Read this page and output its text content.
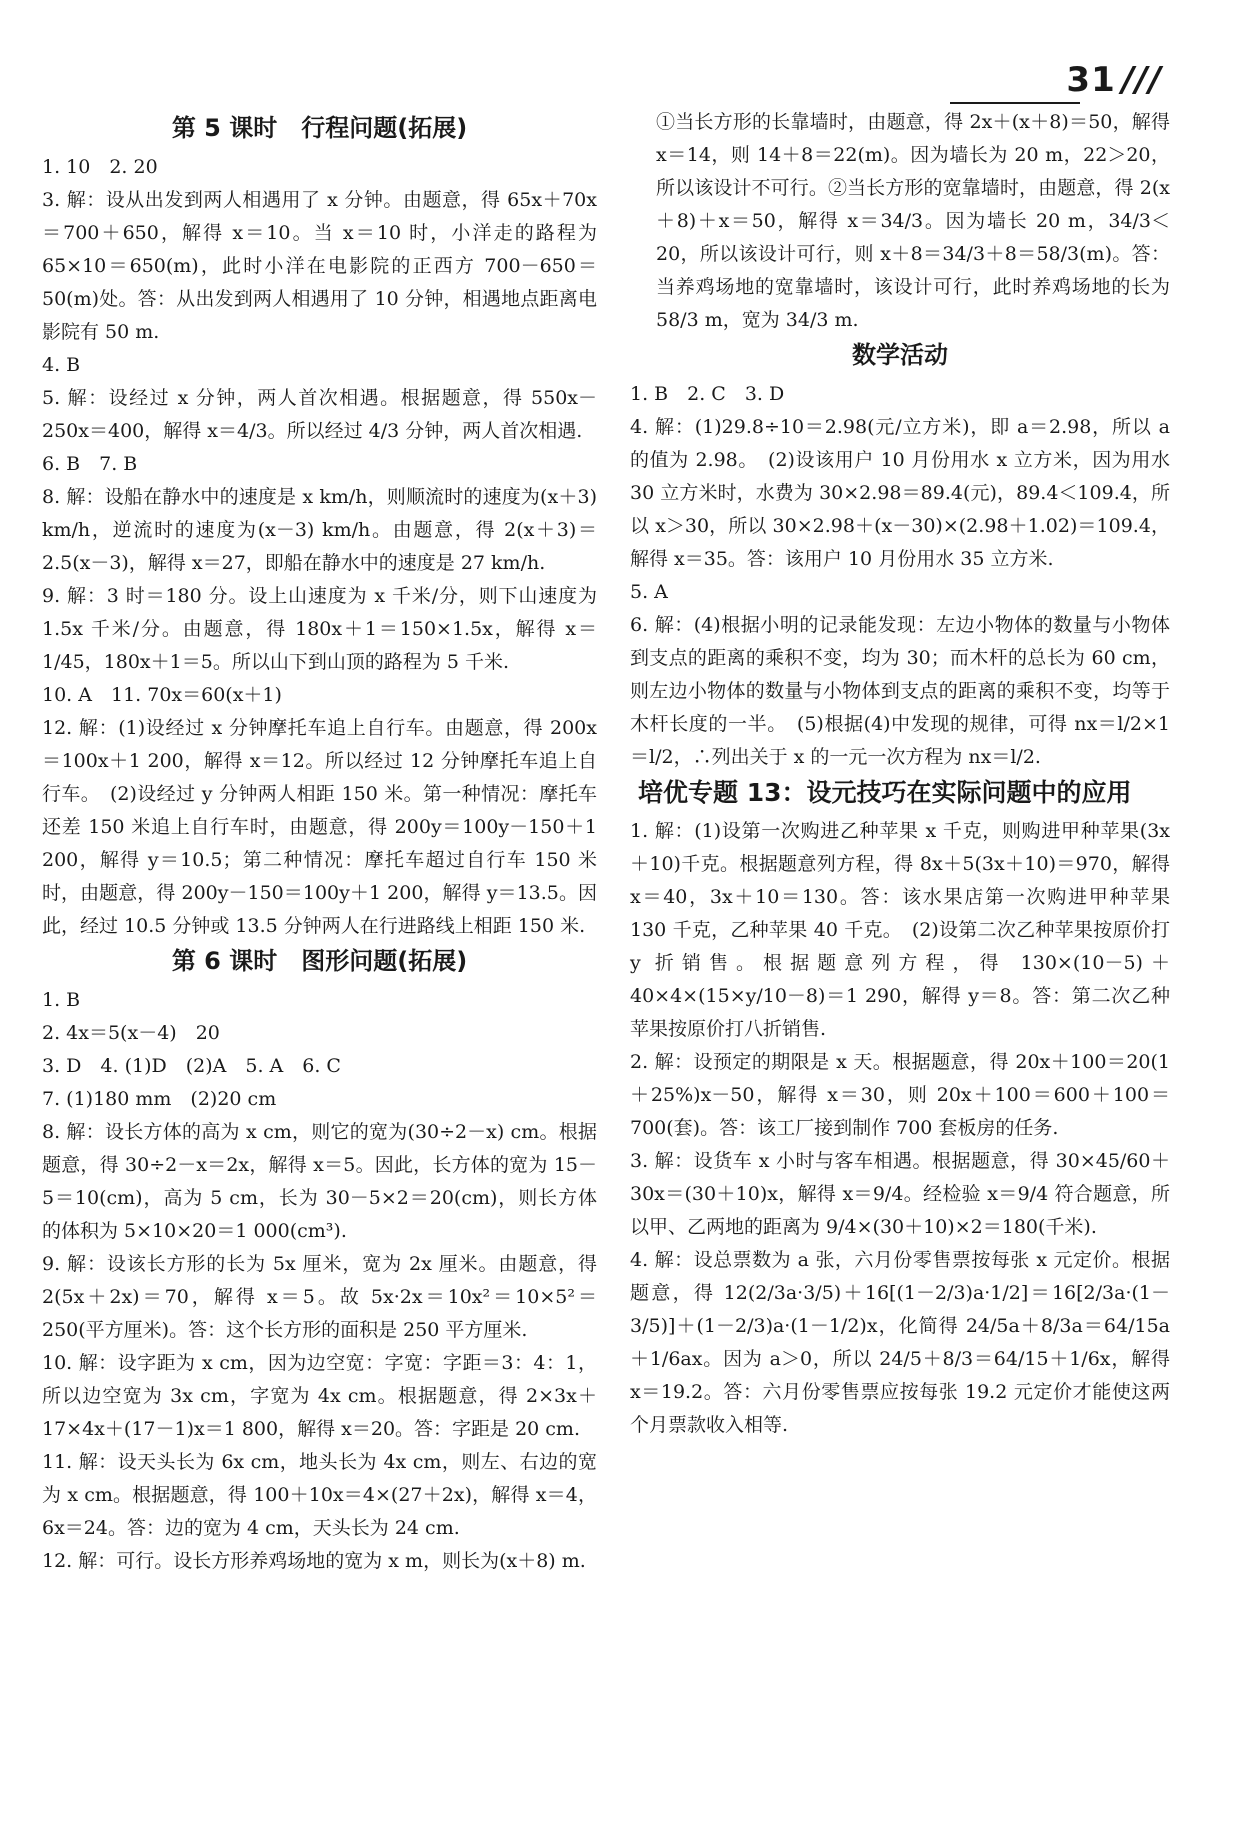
31 ///
第 5 课时　行程问题(拓展)

1. 10　2. 20

3. 解：设从出发到两人相遇用了 x 分钟。由题意，得 65x＋70x＝700＋650，解得 x＝10。当 x＝10 时，小洋走的路程为 65×10＝650(m)，此时小洋在电影院的正西方 700－650＝50(m)处。答：从出发到两人相遇用了 10 分钟，相遇地点距离电影院有 50 m.

4. B

5. 解：设经过 x 分钟，两人首次相遇。根据题意，得 550x－250x＝400，解得 x＝4/3。所以经过 4/3 分钟，两人首次相遇.

6. B　7. B

8. 解：设船在静水中的速度是 x km/h，则顺流时的速度为(x＋3) km/h，逆流时的速度为(x－3) km/h。由题意，得 2(x＋3)＝2.5(x－3)，解得 x＝27，即船在静水中的速度是 27 km/h.

9. 解：3 时＝180 分。设上山速度为 x 千米/分，则下山速度为 1.5x 千米/分。由题意，得 180x＋1＝150×1.5x，解得 x＝1/45，180x＋1＝5。所以山下到山顶的路程为 5 千米.

10. A　11. 70x＝60(x＋1)

12. 解：(1)设经过 x 分钟摩托车追上自行车。由题意，得 200x＝100x＋1 200，解得 x＝12。所以经过 12 分钟摩托车追上自行车。　(2)设经过 y 分钟两人相距 150 米。第一种情况：摩托车还差 150 米追上自行车时，由题意，得 200y＝100y－150＋1 200，解得 y＝10.5；第二种情况：摩托车超过自行车 150 米时，由题意，得 200y－150＝100y＋1 200，解得 y＝13.5。因此，经过 10.5 分钟或 13.5 分钟两人在行进路线上相距 150 米.

第 6 课时　图形问题(拓展)

1. B

2. 4x＝5(x－4)　20

3. D　4. (1)D　(2)A　5. A　6. C

7. (1)180 mm　(2)20 cm

8. 解：设长方体的高为 x cm，则它的宽为(30÷2－x) cm。根据题意，得 30÷2－x＝2x，解得 x＝5。因此，长方体的宽为 15－5＝10(cm)，高为 5 cm，长为 30－5×2＝20(cm)，则长方体的体积为 5×10×20＝1 000(cm³).

9. 解：设该长方形的长为 5x 厘米，宽为 2x 厘米。由题意，得 2(5x＋2x)＝70，解得 x＝5。故 5x·2x＝10x²＝10×5²＝250(平方厘米)。答：这个长方形的面积是 250 平方厘米.

10. 解：设字距为 x cm，因为边空宽：字宽：字距＝3：4：1，所以边空宽为 3x cm，字宽为 4x cm。根据题意，得 2×3x＋17×4x＋(17－1)x＝1 800，解得 x＝20。答：字距是 20 cm.

11. 解：设天头长为 6x cm，地头长为 4x cm，则左、右边的宽为 x cm。根据题意，得 100＋10x＝4×(27＋2x)，解得 x＝4，6x＝24。答：边的宽为 4 cm，天头长为 24 cm.

12. 解：可行。设长方形养鸡场地的宽为 x m，则长为(x＋8) m.

①当长方形的长靠墙时，由题意，得 2x＋(x＋8)＝50，解得 x＝14，则 14＋8＝22(m)。因为墙长为 20 m，22＞20，所以该设计不可行。②当长方形的宽靠墙时，由题意，得 2(x＋8)＋x＝50，解得 x＝34/3。因为墙长 20 m，34/3＜20，所以该设计可行，则 x＋8＝34/3＋8＝58/3(m)。答：当养鸡场地的宽靠墙时，该设计可行，此时养鸡场地的长为 58/3 m，宽为 34/3 m.

数学活动

1. B　2. C　3. D

4. 解：(1)29.8÷10＝2.98(元/立方米)，即 a＝2.98，所以 a 的值为 2.98。　(2)设该用户 10 月份用水 x 立方米，因为用水 30 立方米时，水费为 30×2.98＝89.4(元)，89.4＜109.4，所以 x＞30，所以 30×2.98＋(x－30)×(2.98＋1.02)＝109.4，解得 x＝35。答：该用户 10 月份用水 35 立方米.

5. A

6. 解：(4)根据小明的记录能发现：左边小物体的数量与小物体到支点的距离的乘积不变，均为 30；而木杆的总长为 60 cm，则左边小物体的数量与小物体到支点的距离的乘积不变，均等于木杆长度的一半。　(5)根据(4)中发现的规律，可得 nx＝l/2×1＝l/2，∴列出关于 x 的一元一次方程为 nx＝l/2.

培优专题 13：设元技巧在实际问题中的应用

1. 解：(1)设第一次购进乙种苹果 x 千克，则购进甲种苹果(3x＋10)千克。根据题意列方程，得 8x＋5(3x＋10)＝970，解得 x＝40，3x＋10＝130。答：该水果店第一次购进甲种苹果 130 千克，乙种苹果 40 千克。　(2)设第二次乙种苹果按原价打 y 折销售。根据题意列方程，得 130×(10－5)＋40×4×(15×y/10－8)＝1 290，解得 y＝8。答：第二次乙种苹果按原价打八折销售.

2. 解：设预定的期限是 x 天。根据题意，得 20x＋100＝20(1＋25%)x－50，解得 x＝30，则 20x＋100＝600＋100＝700(套)。答：该工厂接到制作 700 套板房的任务.

3. 解：设货车 x 小时与客车相遇。根据题意，得 30×45/60＋30x＝(30＋10)x，解得 x＝9/4。经检验 x＝9/4 符合题意，所以甲、乙两地的距离为 9/4×(30＋10)×2＝180(千米).

4. 解：设总票数为 a 张，六月份零售票按每张 x 元定价。根据题意，得 12(2/3a·3/5)＋16[(1－2/3)a·1/2]＝16[2/3a·(1－3/5)]＋(1－2/3)a·(1－1/2)x，化简得 24/5a＋8/3a＝64/15a＋1/6ax。因为 a＞0，所以 24/5＋8/3＝64/15＋1/6x，解得 x＝19.2。答：六月份零售票应按每张 19.2 元定价才能使这两个月票款收入相等.
